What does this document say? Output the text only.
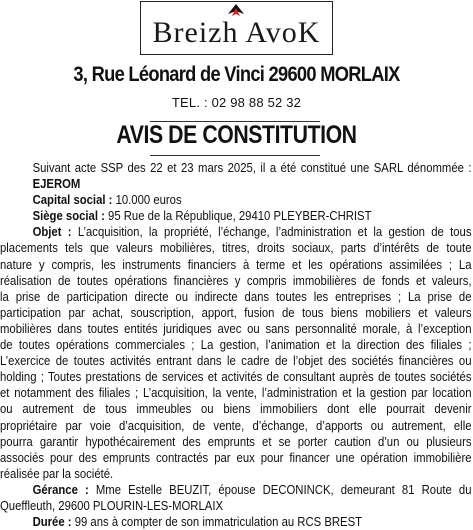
Breizh AvoK
3, Rue Léonard de Vinci 29600 MORLAIX
TEL. : 02 98 88 52 32
AVIS DE CONSTITUTION
Suivant acte SSP des 22 et 23 mars 2025, il a été constitué une SARL dénommée :
EJEROM
Capital social : 10.000 euros
Siège social : 95 Rue de la République, 29410 PLEYBER-CHRIST
Objet : L’acquisition, la propriété, l’échange, l’administration et la gestion de tous
placements tels que valeurs mobilières, titres, droits sociaux, parts d’intérêts de toute
nature y compris, les instruments financiers à terme et les opérations assimilées ; La
réalisation de toutes opérations financières y compris immobilières de fonds et valeurs,
la prise de participation directe ou indirecte dans toutes les entreprises ; La prise de
participation par achat, souscription, apport, fusion de tous biens mobiliers et valeurs
mobilières dans toutes entités juridiques avec ou sans personnalité morale, à l’exception
de toutes opérations commerciales ; La gestion, l’animation et la direction des filiales ;
L’exercice de toutes activités entrant dans le cadre de l’objet des sociétés financières ou
holding ; Toutes prestations de services et activités de consultant auprès de toutes sociétés
et notamment des filiales ; L’acquisition, la vente, l’administration et la gestion par location
ou autrement de tous immeubles ou biens immobiliers dont elle pourrait devenir
propriétaire par voie d’acquisition, de vente, d’échange, d’apports ou autrement, elle
pourra garantir hypothécairement des emprunts et se porter caution d’un ou plusieurs
associés pour des emprunts contractés par eux pour financer une opération immobilière
réalisée par la société.
Gérance : Mme Estelle BEUZIT, épouse DECONINCK, demeurant 81 Route du
Queffleuth, 29600 PLOURIN-LES-MORLAIX
Durée : 99 ans à compter de son immatriculation au RCS BREST
